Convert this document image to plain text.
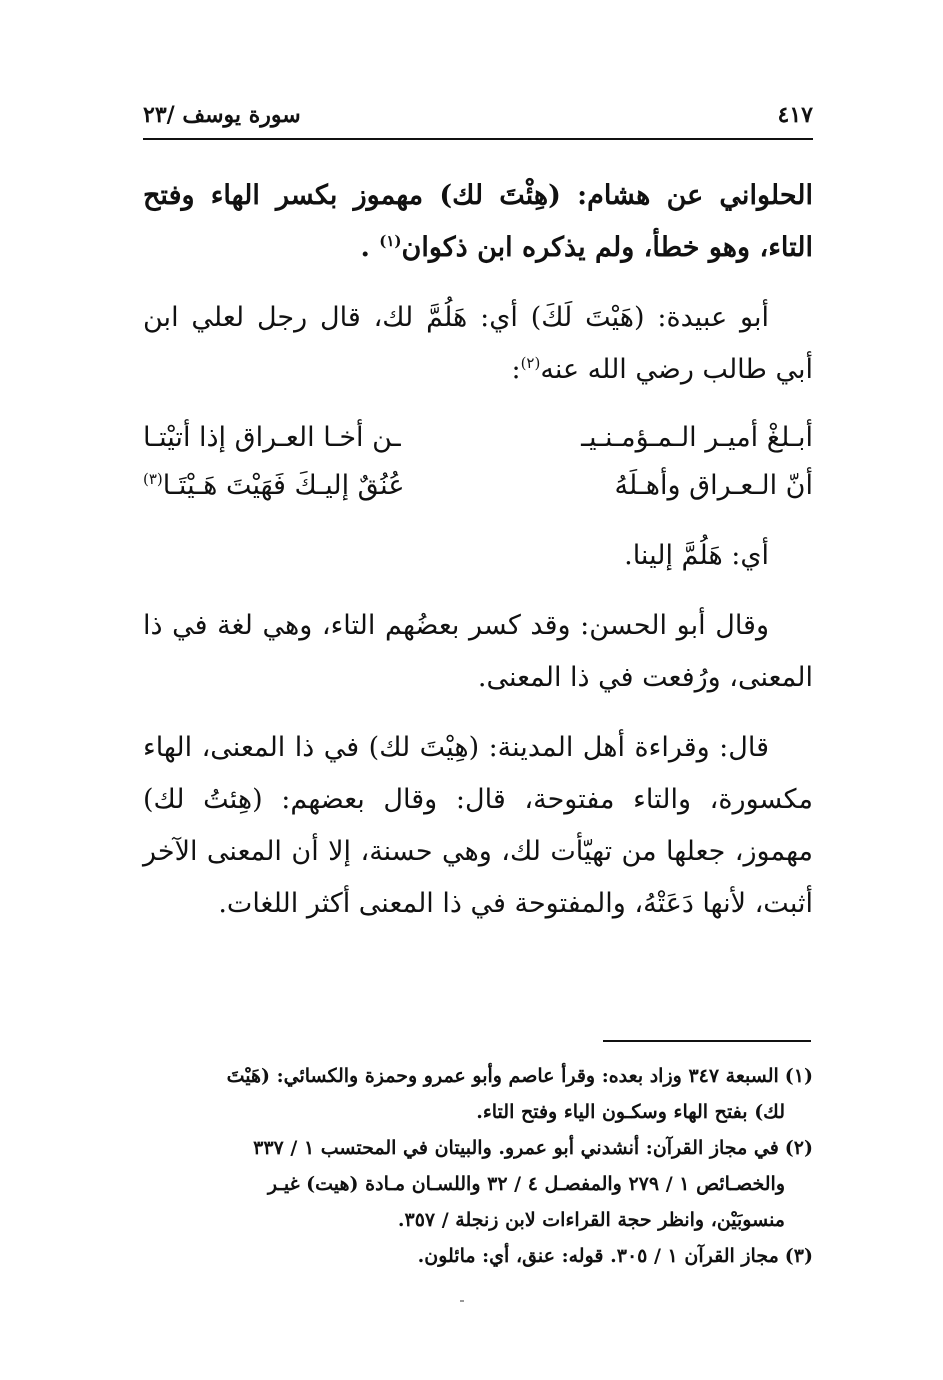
٤١٧
سورة يوسف /٢٣

الحلواني عن هشام: (هِئْتَ لك) مهموز بكسر الهاء وفتح التاء، وهو خطأ، ولم يذكره ابن ذكوان$^{(١)}$ .

أبو عبيدة: (هَيْتَ لَكَ) أي: هَلُمَّ لك، قال رجل لعلي ابن أبي طالب رضي الله عنه$^{(٢)}$:

أبـلغْ أميـر الـمـؤمـنـيـ
ـن أخـا العـراق إذا أتيْتـا
أنّ الـعـراق وأهـلَهُ
عُنُقٌ إليـكَ فَهَيْتَ هَـيْتَـا$^{(٣)}$

أي: هَلُمَّ إلينا.

وقال أبو الحسن: وقد كسر بعضُهم التاء، وهي لغة في ذا المعنى، ورُفعت في ذا المعنى.

قال: وقراءة أهل المدينة: (هِيْتَ لك) في ذا المعنى، الهاء مكسورة، والتاء مفتوحة، قال: وقال بعضهم: (هِئتُ لك) مهموز، جعلها من تهيّأت لك، وهي حسنة، إلا أن المعنى الآخر أثبت، لأنها دَعَتْهُ، والمفتوحة في ذا المعنى أكثر اللغات.

(١)السبعة ٣٤٧ وزاد بعده: وقرأ عاصم وأبو عمرو وحمزة والكسائي: (هَيْتَ

لك) بفتح الهاء وسكـون الياء وفتح التاء.

(٢)في مجاز القرآن: أنشدني أبو عمرو. والبيتان في المحتسب ١ / ٣٣٧

والخصـائص ١ / ٢٧٩ والمفصـل ٤ / ٣٢ واللسـان مـادة (هيت) غيـر

منسوبَيْن، وانظر حجة القراءات لابن زنجلة / ٣٥٧.

(٣)مجاز القرآن ١ / ٣٠٥. قوله: عنق، أي: مائلون.
